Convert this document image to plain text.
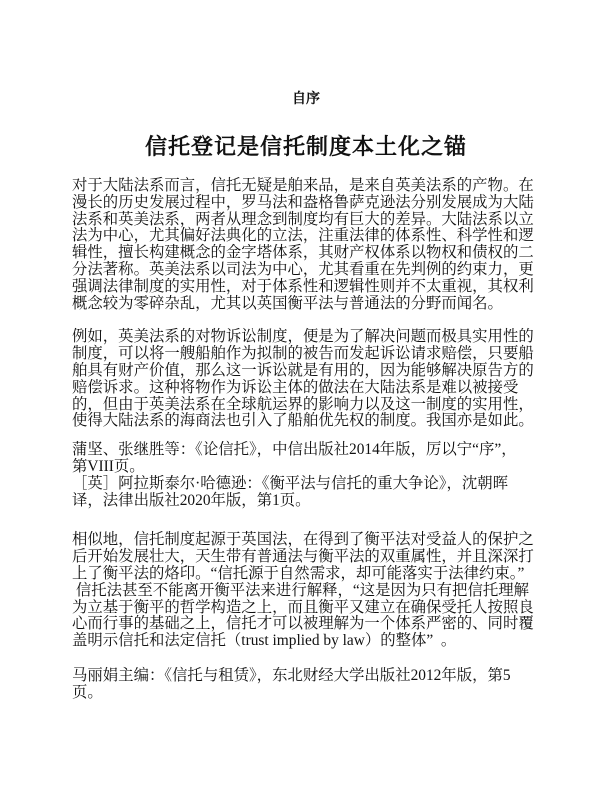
自序
信托登记是信托制度本土化之锚
对于大陆法系而言，信托无疑是舶来品，是来自英美法系的产物。在
漫长的历史发展过程中，罗马法和盎格鲁萨克逊法分别发展成为大陆
法系和英美法系，两者从理念到制度均有巨大的差异。大陆法系以立
法为中心，尤其偏好法典化的立法，注重法律的体系性、科学性和逻
辑性，擅长构建概念的金字塔体系，其财产权体系以物权和债权的二
分法著称。英美法系以司法为中心，尤其看重在先判例的约束力，更
强调法律制度的实用性，对于体系性和逻辑性则并不太重视，其权利
概念较为零碎杂乱，尤其以英国衡平法与普通法的分野而闻名。
例如，英美法系的对物诉讼制度，便是为了解决问题而极具实用性的
制度，可以将一艘船舶作为拟制的被告而发起诉讼请求赔偿，只要船
舶具有财产价值，那么这一诉讼就是有用的，因为能够解决原告方的
赔偿诉求。这种将物作为诉讼主体的做法在大陆法系是难以被接受
的，但由于英美法系在全球航运界的影响力以及这一制度的实用性，
使得大陆法系的海商法也引入了船舶优先权的制度。我国亦是如此。
蒲坚、张继胜等：《论信托》，中信出版社2014年版，厉以宁“序”，
第VIII页。
［英］阿拉斯泰尔·哈德逊：《衡平法与信托的重大争论》，沈朝晖
译，法律出版社2020年版，第1页。
相似地，信托制度起源于英国法，在得到了衡平法对受益人的保护之
后开始发展壮大，天生带有普通法与衡平法的双重属性，并且深深打
上了衡平法的烙印。“信托源于自然需求，却可能落实于法律约束。”
信托法甚至不能离开衡平法来进行解释，“这是因为只有把信托理解
为立基于衡平的哲学构造之上，而且衡平又建立在确保受托人按照良
心而行事的基础之上，信托才可以被理解为一个体系严密的、同时覆
盖明示信托和法定信托（trust implied by law）的整体”  。
马丽娟主编：《信托与租赁》，东北财经大学出版社2012年版，第5
页。
